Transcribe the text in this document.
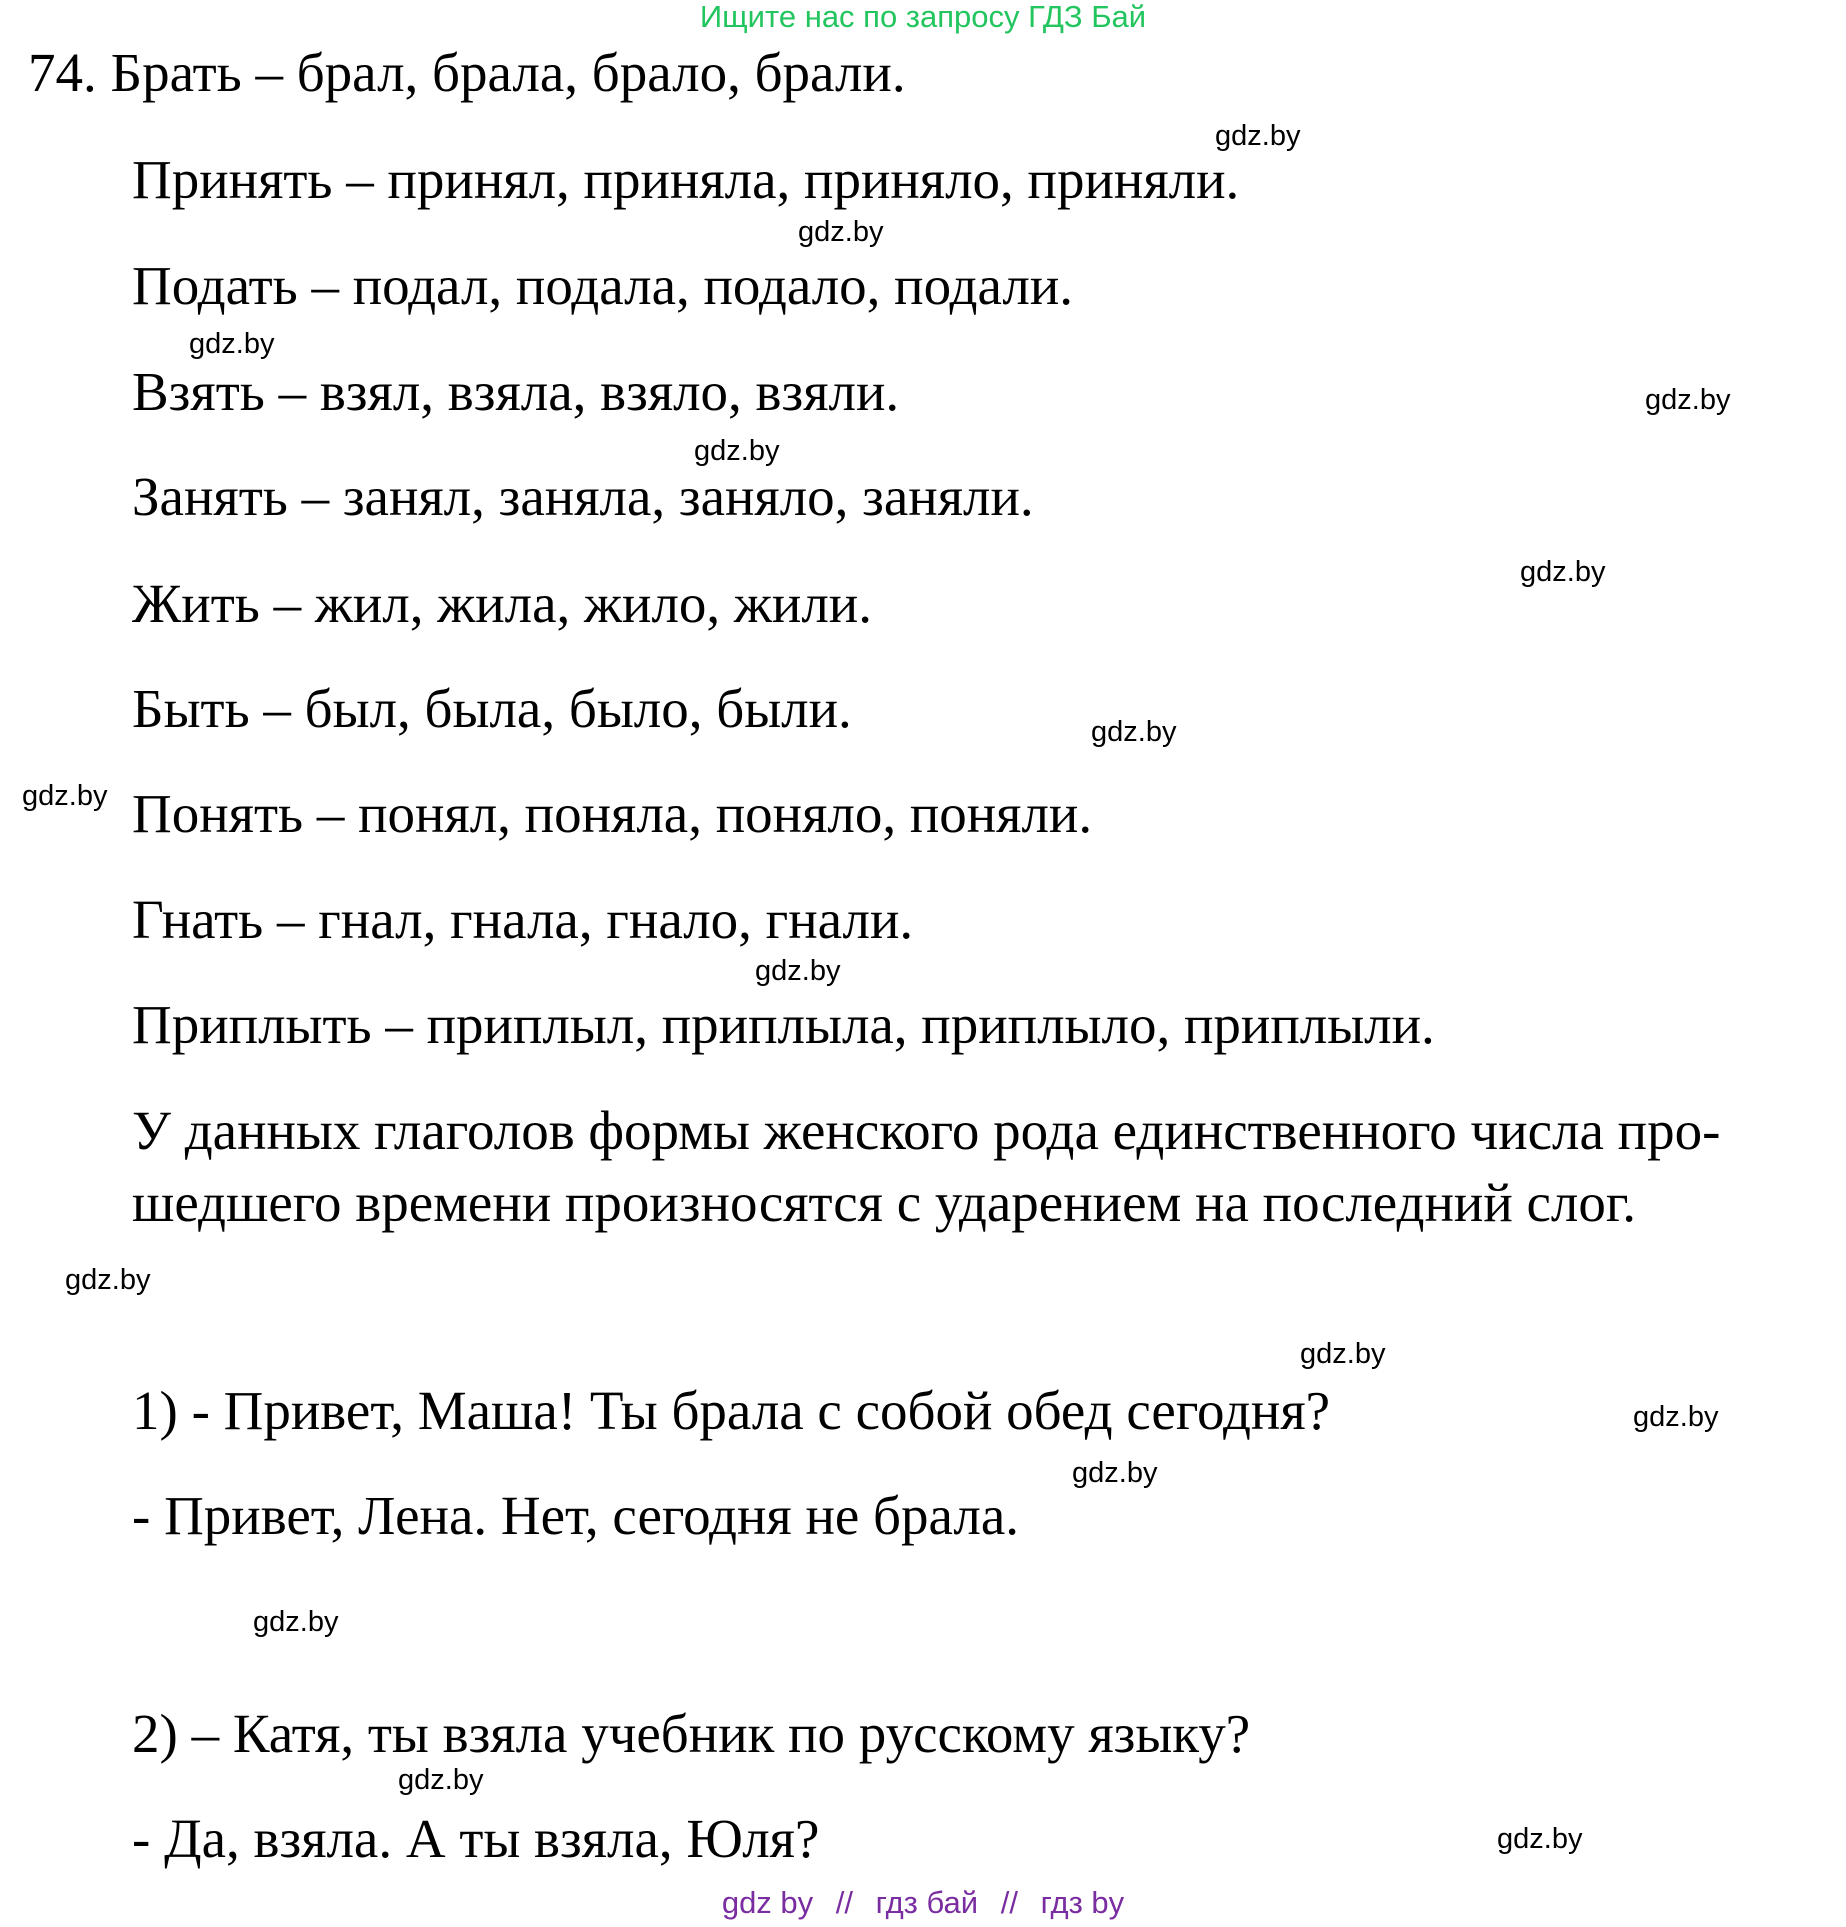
Ищите нас по запросу ГДЗ Бай
74. Брать – брал, брала, брало, брали.
Принять – принял, приняла, приняло, приняли.
Подать – подал, подала, подало, подали.
Взять – взял, взяла, взяло, взяли.
Занять – занял, заняла, заняло, заняли.
Жить – жил, жила, жило, жили.
Быть – был, была, было, были.
Понять – понял, поняла, поняло, поняли.
Гнать – гнал, гнала, гнало, гнали.
Приплыть – приплыл, приплыла, приплыло, приплыли.
У данных глаголов формы женского рода единственного числа про-
шедшего времени произносятся с ударением на последний слог.
1) - Привет, Маша! Ты брала с собой обед сегодня?
- Привет, Лена. Нет, сегодня не брала.
2) – Катя, ты взяла учебник по русскому языку?
- Да, взяла. А ты взяла, Юля?
gdz.by
gdz.by
gdz.by
gdz.by
gdz.by
gdz.by
gdz.by
gdz.by
gdz.by
gdz.by
gdz.by
gdz.by
gdz.by
gdz.by
gdz.by
gdz.by
gdz by // гдз бай // гдз by
